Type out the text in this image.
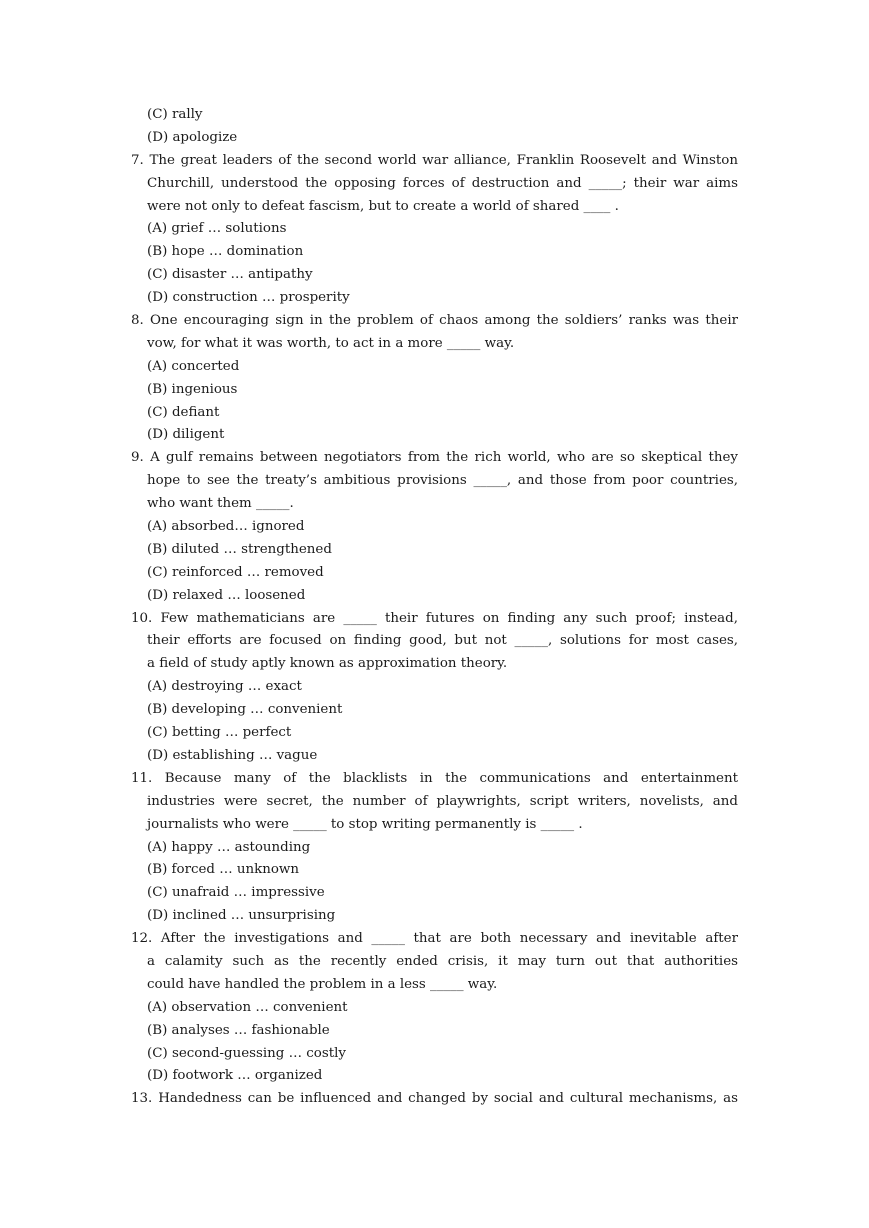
(C) rally
(D) apologize
7. The great leaders of the second world war alliance, Franklin Roosevelt and Winston
Churchill, understood the opposing forces of destruction and _____; their war aims
were not only to defeat fascism, but to create a world of shared ____ .
(A) grief … solutions
(B) hope … domination
(C) disaster … antipathy
(D) construction … prosperity
8. One encouraging sign in the problem of chaos among the soldiers’ ranks was their
vow, for what it was worth, to act in a more _____ way.
(A) concerted
(B) ingenious
(C) defiant
(D) diligent
9. A gulf remains between negotiators from the rich world, who are so skeptical they
hope to see the treaty’s ambitious provisions _____, and those from poor countries,
who want them _____.
(A) absorbed… ignored
(B) diluted … strengthened
(C) reinforced … removed
(D) relaxed … loosened
10. Few mathematicians are _____ their futures on finding any such proof; instead,
their efforts are focused on finding good, but not _____, solutions for most cases,
a field of study aptly known as approximation theory.
(A) destroying … exact
(B) developing … convenient
(C) betting … perfect
(D) establishing … vague
11. Because many of the blacklists in the communications and entertainment
industries were secret, the number of playwrights, script writers, novelists, and
journalists who were _____ to stop writing permanently is _____ .
(A) happy … astounding
(B) forced … unknown
(C) unafraid … impressive
(D) inclined … unsurprising
12. After the investigations and _____ that are both necessary and inevitable after
a calamity such as the recently ended crisis, it may turn out that authorities
could have handled the problem in a less _____ way.
(A) observation … convenient
(B) analyses … fashionable
(C) second-guessing … costly
(D) footwork … organized
13. Handedness can be influenced and changed by social and cultural mechanisms, as
